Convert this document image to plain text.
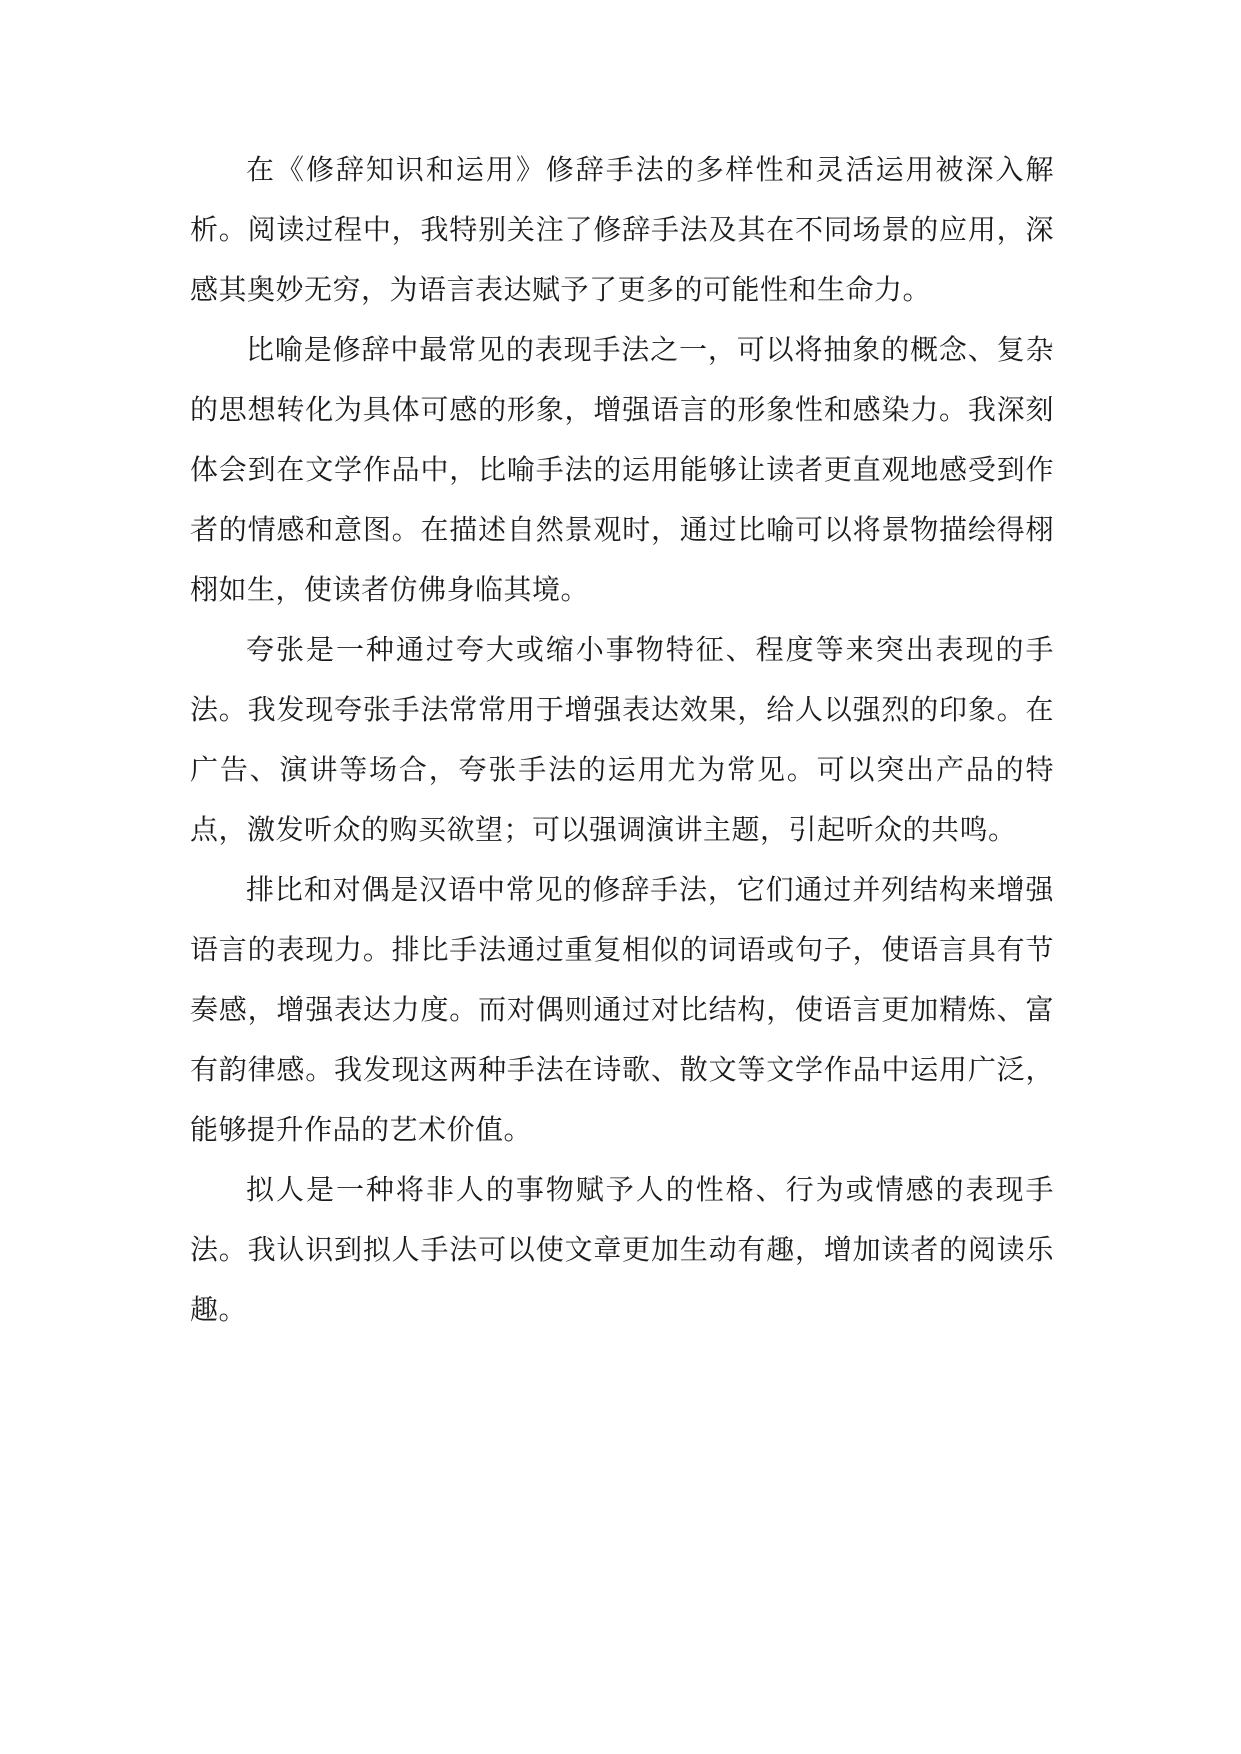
在《修辞知识和运用》修辞手法的多样性和灵活运用被深入解析。阅读过程中，我特别关注了修辞手法及其在不同场景的应用，深感其奥妙无穷，为语言表达赋予了更多的可能性和生命力。

比喻是修辞中最常见的表现手法之一，可以将抽象的概念、复杂的思想转化为具体可感的形象，增强语言的形象性和感染力。我深刻体会到在文学作品中，比喻手法的运用能够让读者更直观地感受到作者的情感和意图。在描述自然景观时，通过比喻可以将景物描绘得栩栩如生，使读者仿佛身临其境。

夸张是一种通过夸大或缩小事物特征、程度等来突出表现的手法。我发现夸张手法常常用于增强表达效果，给人以强烈的印象。在广告、演讲等场合，夸张手法的运用尤为常见。可以突出产品的特点，激发听众的购买欲望；可以强调演讲主题，引起听众的共鸣。

排比和对偶是汉语中常见的修辞手法，它们通过并列结构来增强语言的表现力。排比手法通过重复相似的词语或句子，使语言具有节奏感，增强表达力度。而对偶则通过对比结构，使语言更加精炼、富有韵律感。我发现这两种手法在诗歌、散文等文学作品中运用广泛，能够提升作品的艺术价值。

拟人是一种将非人的事物赋予人的性格、行为或情感的表现手法。我认识到拟人手法可以使文章更加生动有趣，增加读者的阅读乐趣。
